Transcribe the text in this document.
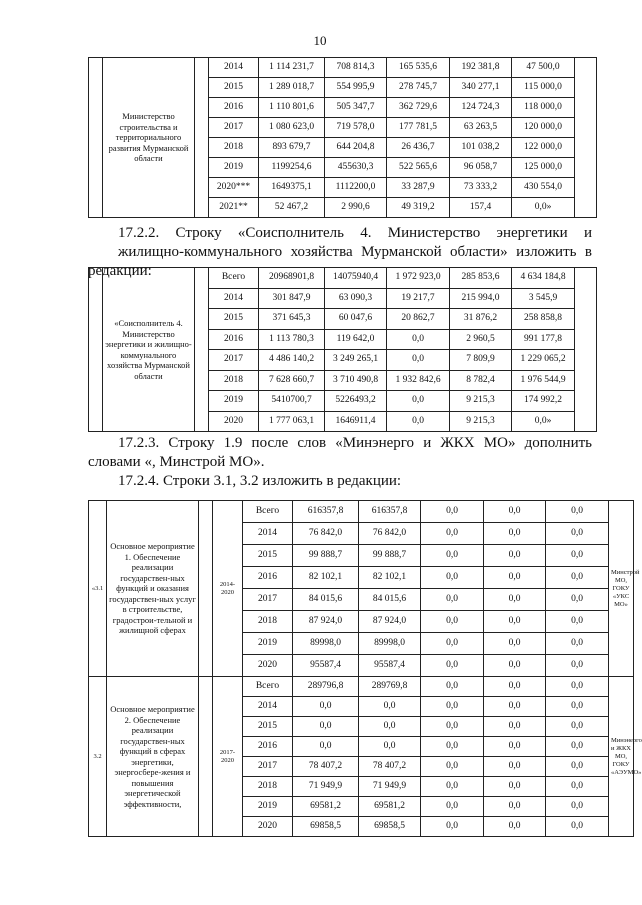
10
	Министерство строительства и территориального развития Мурманской области		2014	1 114 231,7	708 814,3	165 535,6	192 381,8	47 500,0	
			2015	1 289 018,7	554 995,9	278 745,7	340 277,1	115 000,0	
			2016	1 110 801,6	505 347,7	362 729,6	124 724,3	118 000,0	
			2017	1 080 623,0	719 578,0	177 781,5	63 263,5	120 000,0	
			2018	893 679,7	644 204,8	26 436,7	101 038,2	122 000,0	
			2019	1199254,6	455630,3	522 565,6	96 058,7	125 000,0	
			2020***	1649375,1	1112200,0	33 287,9	73 333,2	430 554,0	
			2021**	52 467,2	2 990,6	49 319,2	157,4	0,0»	
17.2.2. Строку «Соисполнитель 4. Министерство энергетики и
жилищно-коммунального хозяйства Мурманской области» изложить в
редакции:
	«Соисполнитель 4. Министерство энергетики и жилищно-коммунального хозяйства Мурманской области		Всего	20968901,8	14075940,4	1 972 923,0	285 853,6	4 634 184,8	
			2014	301 847,9	63 090,3	19 217,7	215 994,0	3 545,9	
			2015	371 645,3	60 047,6	20 862,7	31 876,2	258 858,8	
			2016	1 113 780,3	119 642,0	0,0	2 960,5	991 177,8	
			2017	4 486 140,2	3 249 265,1	0,0	7 809,9	1 229 065,2	
			2018	7 628 660,7	3 710 490,8	1 932 842,6	8 782,4	1 976 544,9	
			2019	5410700,7	5226493,2	0,0	9 215,3	174 992,2	
			2020	1 777 063,1	1646911,4	0,0	9 215,3	0,0»	
17.2.3. Строку 1.9 после слов «Минэнерго и ЖКХ МО» дополнить
словами «, Минстрой МО».
17.2.4. Строки 3.1, 3.2 изложить в редакции:
«3.1	Основное мероприятие 1. Обеспечение реализации государствен-ных функций и оказания государствен-ных услуг в строительстве, градострои-тельной и жилищной сферах		2014-2020	Всего	616357,8	616357,8	0,0	0,0	0,0	Минстрой МО, ГОКУ «УКС МО»
				2014	76 842,0	76 842,0	0,0	0,0	0,0	
				2015	99 888,7	99 888,7	0,0	0,0	0,0	
				2016	82 102,1	82 102,1	0,0	0,0	0,0	
				2017	84 015,6	84 015,6	0,0	0,0	0,0	
				2018	87 924,0	87 924,0	0,0	0,0	0,0	
				2019	89998,0	89998,0	0,0	0,0	0,0	
				2020	95587,4	95587,4	0,0	0,0	0,0	
3.2	Основное мероприятие 2. Обеспечение реализации государствен-ных функций в сферах энергетики, энергосбере-жения и повышения энергетической эффективности,		2017-2020	Всего	289796,8	289769,8	0,0	0,0	0,0	Минэнерго и ЖКХ МО, ГОКУ «АЭУМО»
				2014	0,0	0,0	0,0	0,0	0,0	
				2015	0,0	0,0	0,0	0,0	0,0	
				2016	0,0	0,0	0,0	0,0	0,0	
				2017	78 407,2	78 407,2	0,0	0,0	0,0	
				2018	71 949,9	71 949,9	0,0	0,0	0,0	
				2019	69581,2	69581,2	0,0	0,0	0,0	
				2020	69858,5	69858,5	0,0	0,0	0,0	
